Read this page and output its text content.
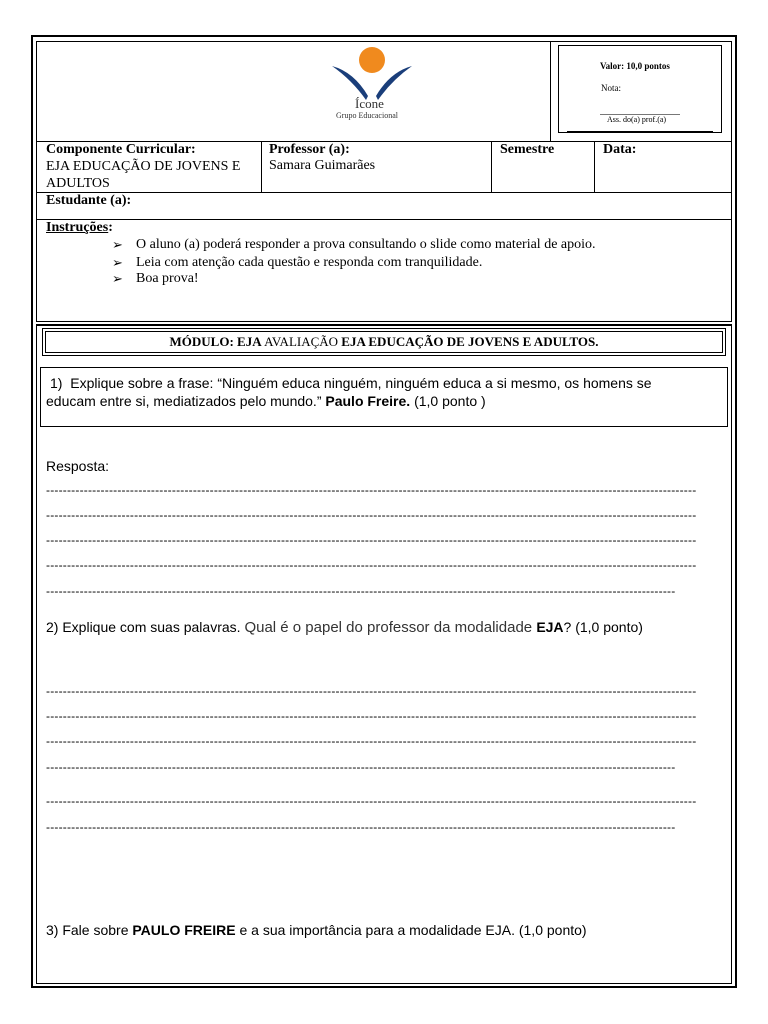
Ícone
Grupo Educacional
Valor: 10,0 pontos
Nota:
Ass. do(a) prof.(a)
Componente Curricular:
EJA EDUCAÇÃO DE JOVENS E ADULTOS
Professor (a):
Samara Guimarães
Semestre	Data:
Estudante (a):
Instruções:
➢ O aluno (a) poderá responder a prova consultando o slide como material de apoio.
➢ Leia com atenção cada questão e responda com tranquilidade.
➢ Boa prova!
MÓDULO: EJA AVALIAÇÃO EJA EDUCAÇÃO DE JOVENS E ADULTOS.
1) Explique sobre a frase: “Ninguém educa ninguém, ninguém educa a si mesmo, os homens se
educam entre si, mediatizados pelo mundo.” Paulo Freire. (1,0 ponto )
Resposta:
-----------------------------------------------------------------------------------------------------------------------------------------------------------
-----------------------------------------------------------------------------------------------------------------------------------------------------------
-----------------------------------------------------------------------------------------------------------------------------------------------------------
-----------------------------------------------------------------------------------------------------------------------------------------------------------
------------------------------------------------------------------------------------------------------------------------------------------------------
2) Explique com suas palavras. Qual é o papel do professor da modalidade EJA? (1,0 ponto)
-----------------------------------------------------------------------------------------------------------------------------------------------------------
-----------------------------------------------------------------------------------------------------------------------------------------------------------
-----------------------------------------------------------------------------------------------------------------------------------------------------------
------------------------------------------------------------------------------------------------------------------------------------------------------
-----------------------------------------------------------------------------------------------------------------------------------------------------------
------------------------------------------------------------------------------------------------------------------------------------------------------
3) Fale sobre PAULO FREIRE e a sua importância para a modalidade EJA. (1,0 ponto)
